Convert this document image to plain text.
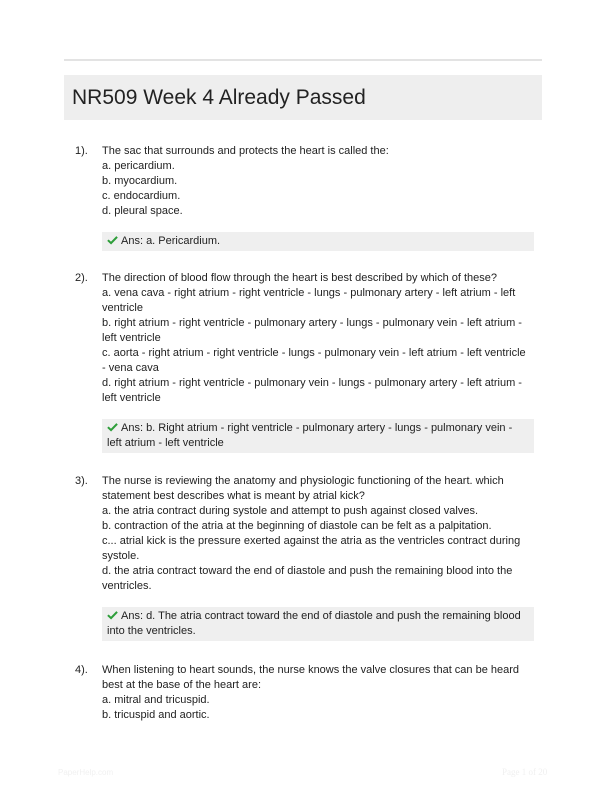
NR509 Week 4 Already Passed
1). The sac that surrounds and protects the heart is called the:
a. pericardium.
b. myocardium.
c. endocardium.
d. pleural space.
Ans: a. Pericardium.
2). The direction of blood flow through the heart is best described by which of these?
a. vena cava - right atrium - right ventricle - lungs - pulmonary artery - left atrium - left ventricle
b. right atrium - right ventricle - pulmonary artery - lungs - pulmonary vein - left atrium - left ventricle
c. aorta - right atrium - right ventricle - lungs - pulmonary vein - left atrium - left ventricle - vena cava
d. right atrium - right ventricle - pulmonary vein - lungs - pulmonary artery - left atrium - left ventricle
Ans: b. Right atrium - right ventricle - pulmonary artery - lungs - pulmonary vein - left atrium - left ventricle
3). The nurse is reviewing the anatomy and physiologic functioning of the heart. which statement best describes what is meant by atrial kick?
a. the atria contract during systole and attempt to push against closed valves.
b. contraction of the atria at the beginning of diastole can be felt as a palpitation.
c... atrial kick is the pressure exerted against the atria as the ventricles contract during systole.
d. the atria contract toward the end of diastole and push the remaining blood into the ventricles.
Ans: d. The atria contract toward the end of diastole and push the remaining blood into the ventricles.
4). When listening to heart sounds, the nurse knows the valve closures that can be heard best at the base of the heart are:
a. mitral and tricuspid.
b. tricuspid and aortic.
PaperHelp.com	Page 1 of 20
